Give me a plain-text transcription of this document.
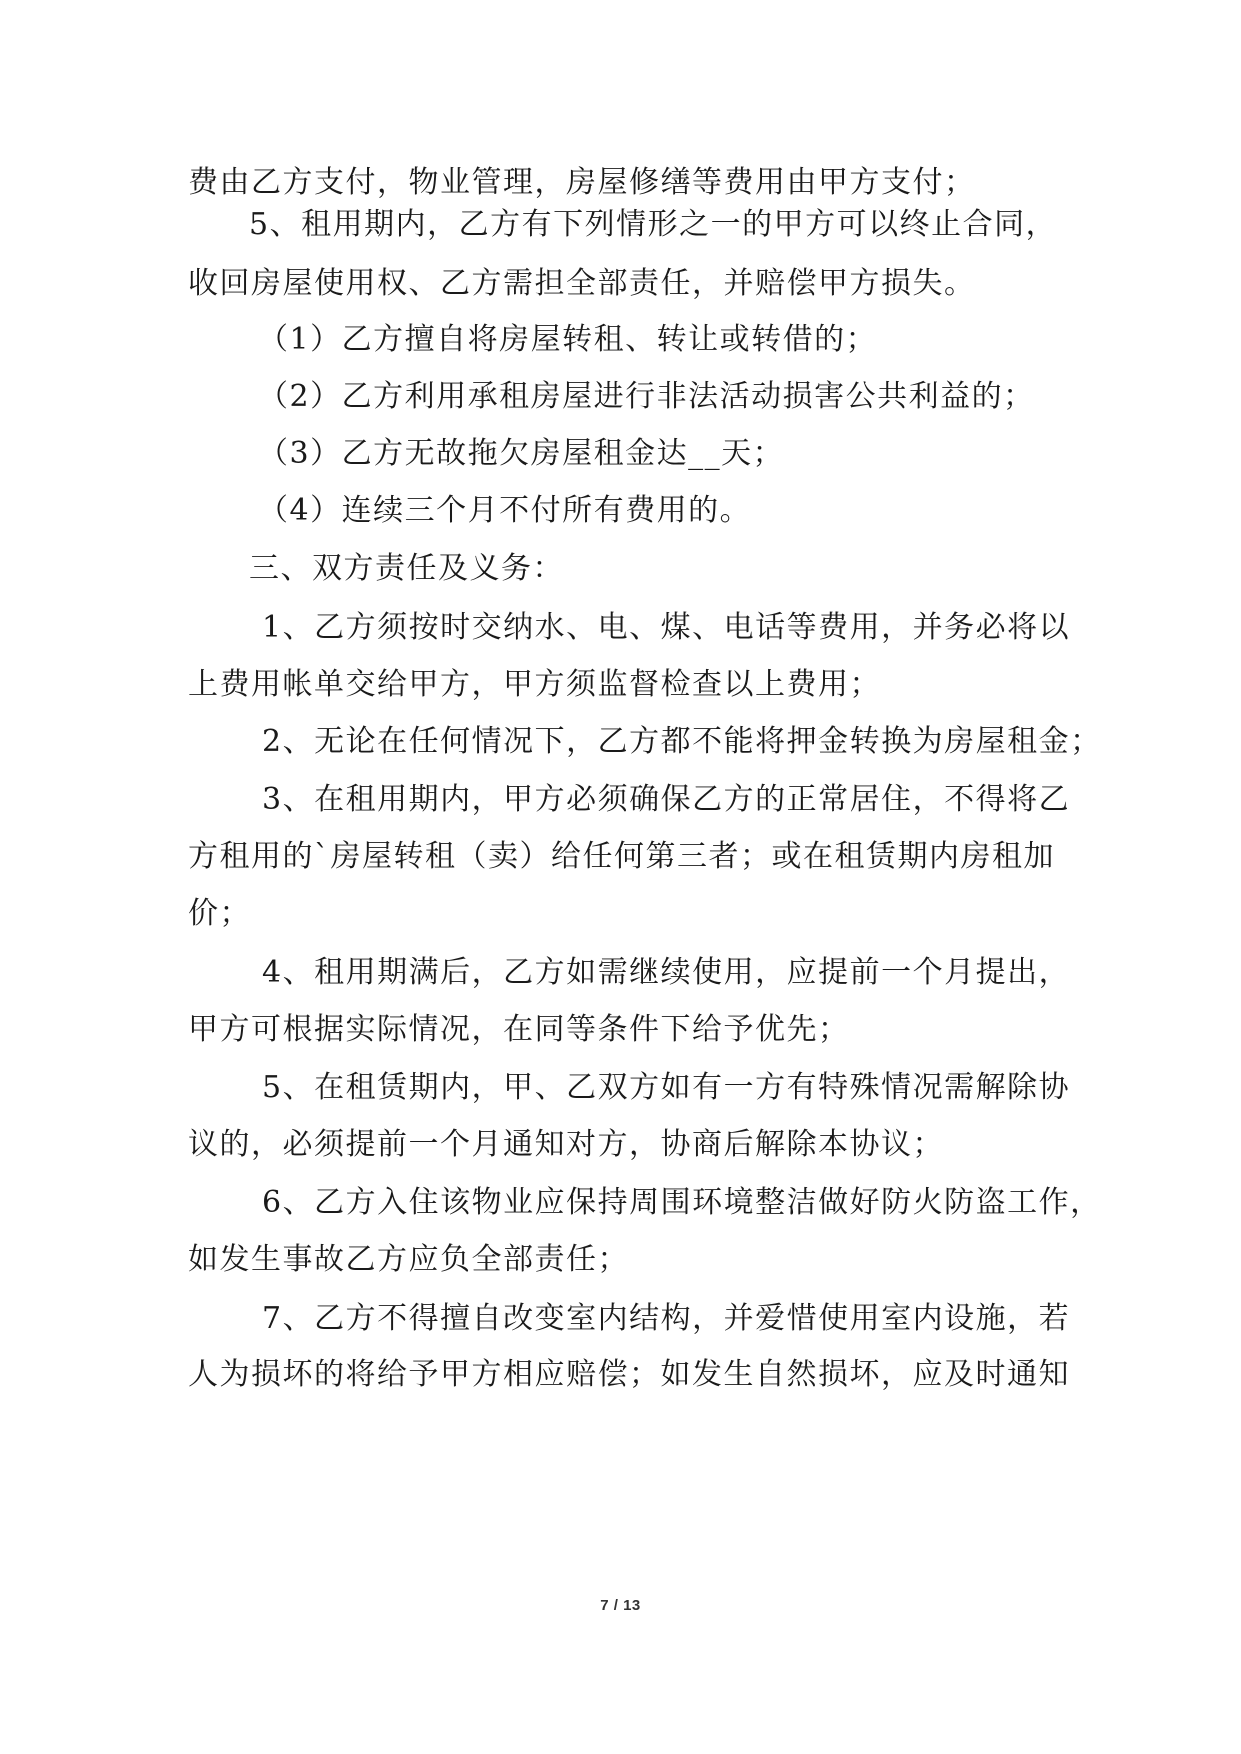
费由乙方支付，物业管理，房屋修缮等费用由甲方支付；
5、租用期内，乙方有下列情形之一的甲方可以终止合同，
收回房屋使用权、乙方需担全部责任，并赔偿甲方损失。
（1）乙方擅自将房屋转租、转让或转借的；
（2）乙方利用承租房屋进行非法活动损害公共利益的；
（3）乙方无故拖欠房屋租金达__天；
（4）连续三个月不付所有费用的。
三、双方责任及义务：
1、乙方须按时交纳水、电、煤、电话等费用，并务必将以
上费用帐单交给甲方，甲方须监督检查以上费用；
2、无论在任何情况下，乙方都不能将押金转换为房屋租金；
3、在租用期内，甲方必须确保乙方的正常居住，不得将乙
方租用的`房屋转租（卖）给任何第三者；或在租赁期内房租加
价；
4、租用期满后，乙方如需继续使用，应提前一个月提出，
甲方可根据实际情况，在同等条件下给予优先；
5、在租赁期内，甲、乙双方如有一方有特殊情况需解除协
议的，必须提前一个月通知对方，协商后解除本协议；
6、乙方入住该物业应保持周围环境整洁做好防火防盗工作，
如发生事故乙方应负全部责任；
7、乙方不得擅自改变室内结构，并爱惜使用室内设施，若
人为损坏的将给予甲方相应赔偿；如发生自然损坏，应及时通知
7 / 13
